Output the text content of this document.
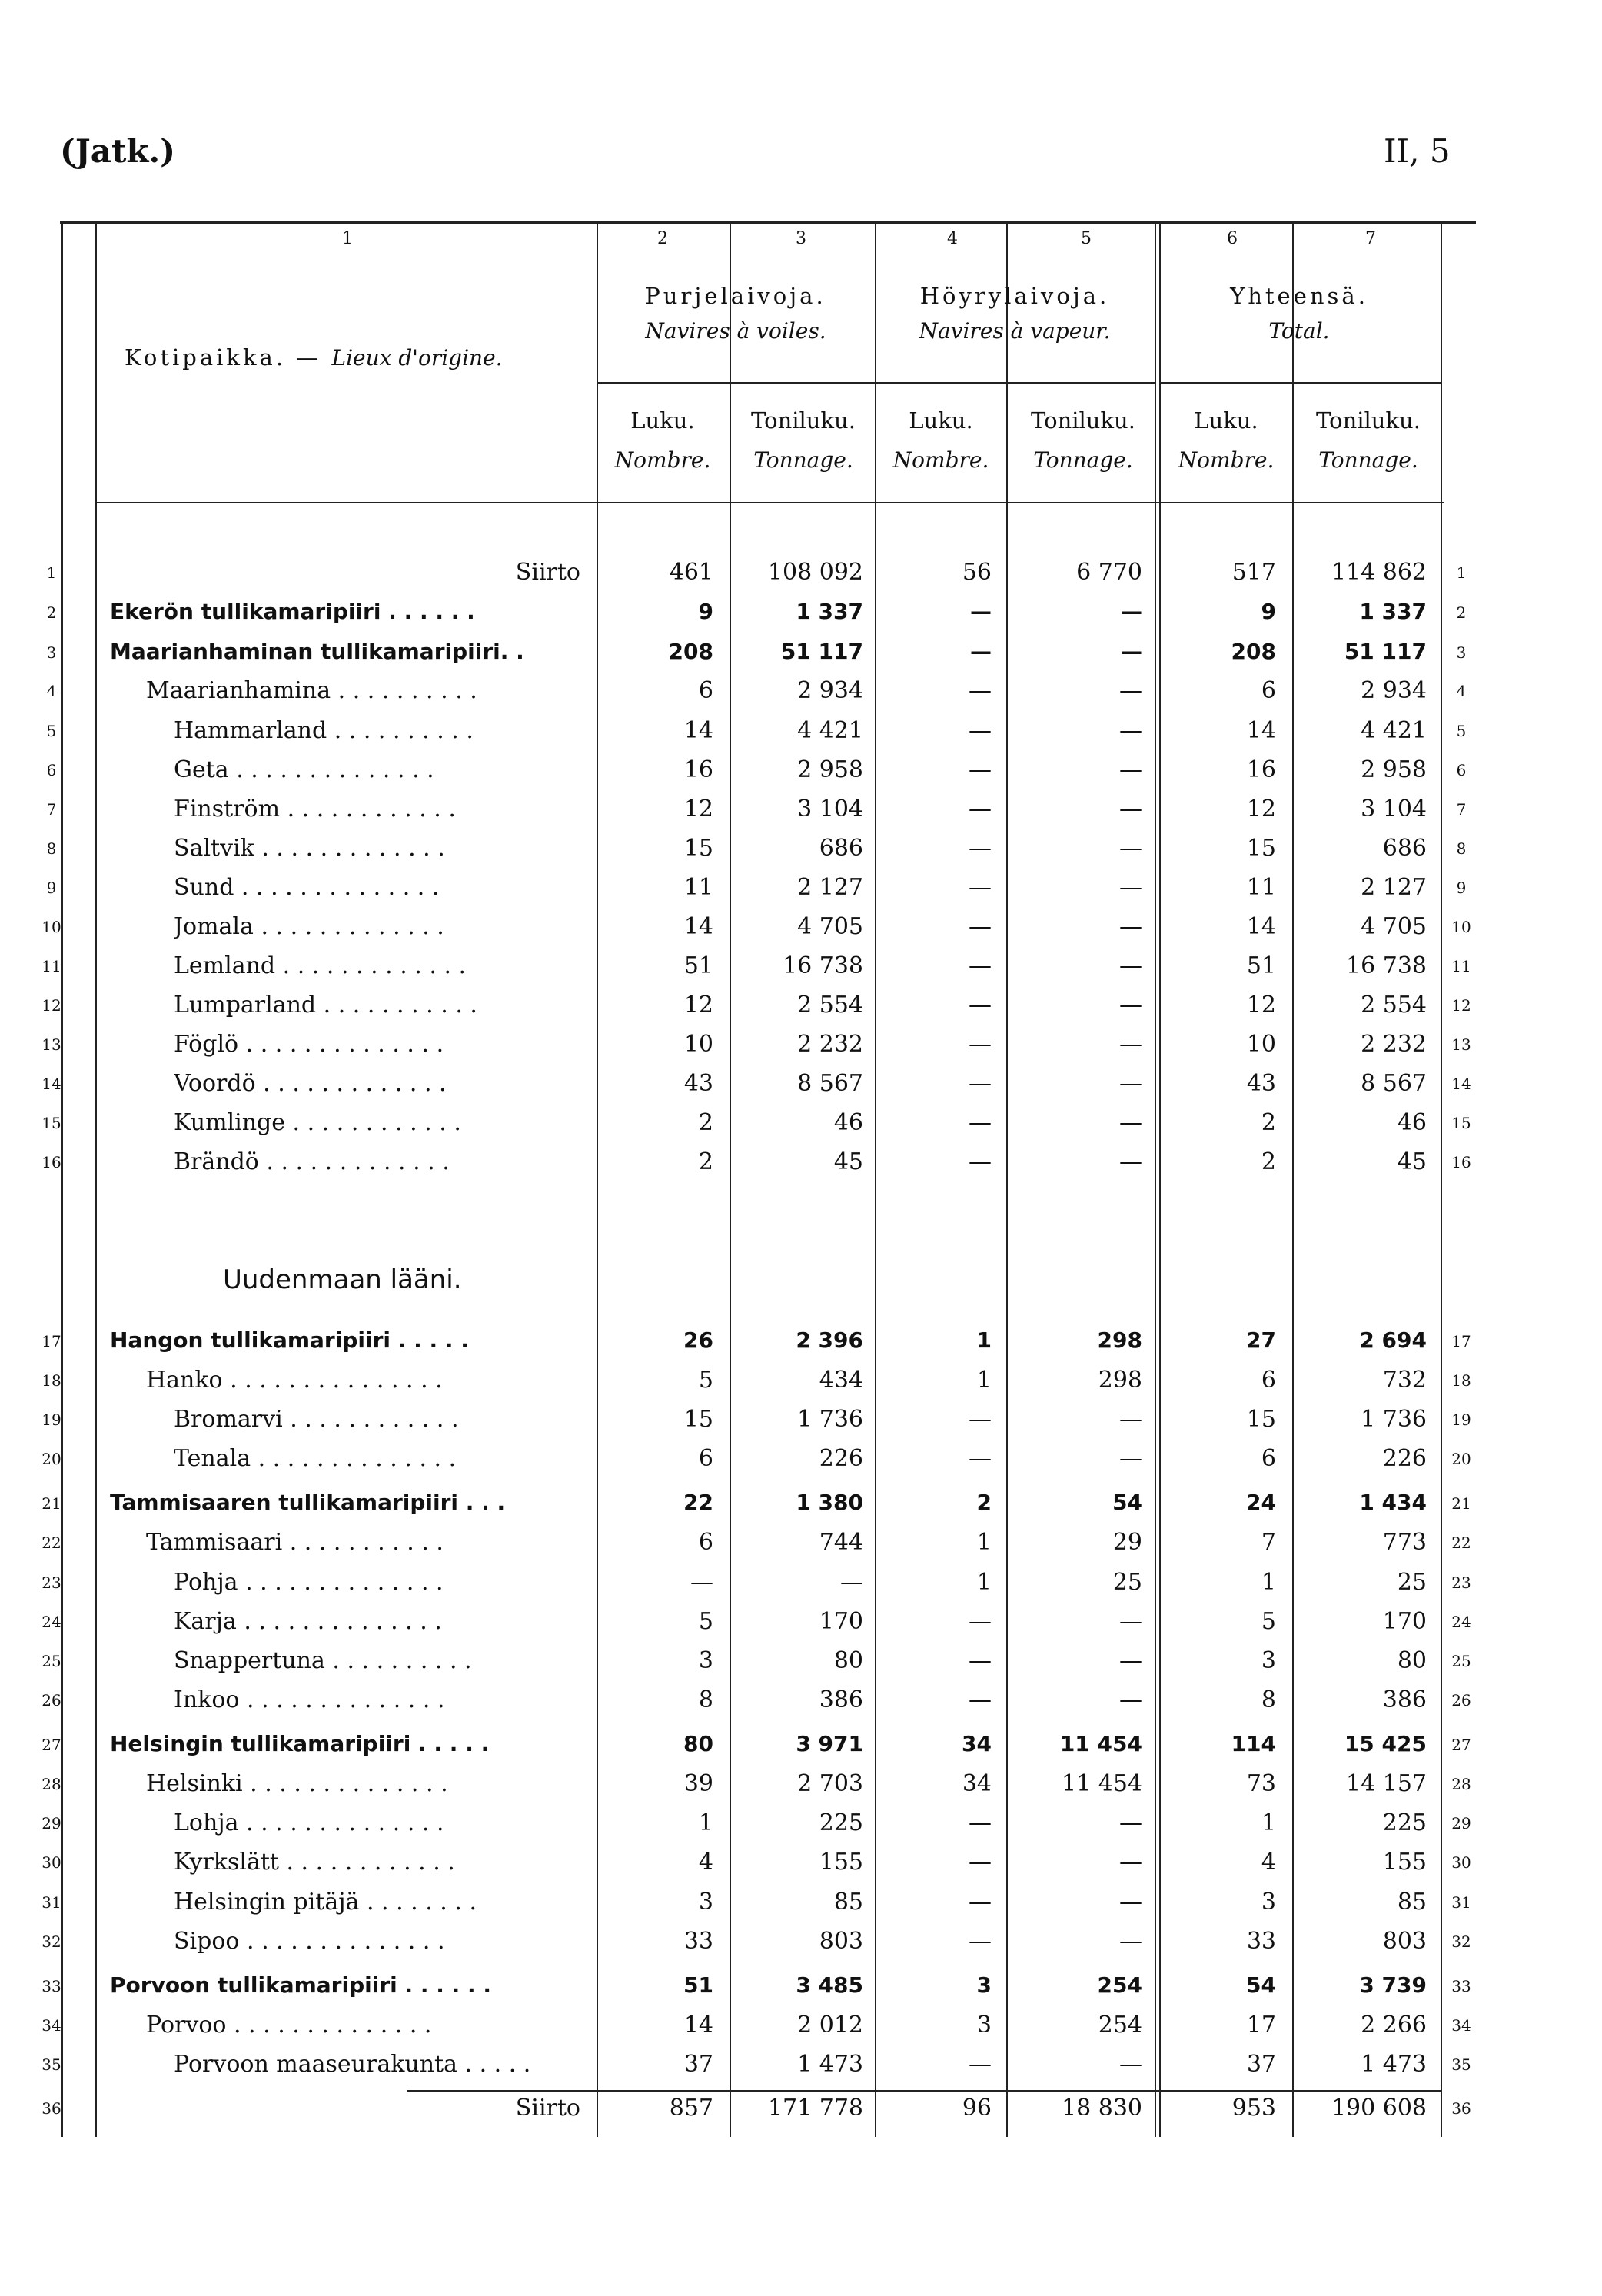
(Jatk.)	II, 5
1	2	3	4	5	6	7
Kotipaikka. — Lieux d'origine.
Purjelaivoja.
Navires à voiles.
Höyrylaivoja.
Navires à vapeur.
Yhteensä.
Total.
Luku.
Nombre.
Toniluku.
Tonnage.
Luku.
Nombre.
Toniluku.
Tonnage.
Luku.
Nombre.
Toniluku.
Tonnage.
Uudenmaan lääni.
1	1
Siirto	461	108 092	56	6 770	517	114 862
2	2
Ekerön tullikamaripiiri . . . . . .	9	1 337	—	—	9	1 337
3	3
Maarianhaminan tullikamaripiiri. .	208	51 117	—	—	208	51 117
4	4
Maarianhamina . . . . . . . . . .	6	2 934	—	—	6	2 934
5	5
Hammarland . . . . . . . . . .	14	4 421	—	—	14	4 421
6	6
Geta . . . . . . . . . . . . . .	16	2 958	—	—	16	2 958
7	7
Finström . . . . . . . . . . . .	12	3 104	—	—	12	3 104
8	8
Saltvik . . . . . . . . . . . . .	15	686	—	—	15	686
9	9
Sund . . . . . . . . . . . . . .	11	2 127	—	—	11	2 127
10	10
Jomala . . . . . . . . . . . . .	14	4 705	—	—	14	4 705
11	11
Lemland . . . . . . . . . . . . .	51	16 738	—	—	51	16 738
12	12
Lumparland . . . . . . . . . . .	12	2 554	—	—	12	2 554
13	13
Föglö . . . . . . . . . . . . . .	10	2 232	—	—	10	2 232
14	14
Voordö . . . . . . . . . . . . .	43	8 567	—	—	43	8 567
15	15
Kumlinge . . . . . . . . . . . .	2	46	—	—	2	46
16	16
Brändö . . . . . . . . . . . . .	2	45	—	—	2	45
17	17
Hangon tullikamaripiiri . . . . .	26	2 396	1	298	27	2 694
18	18
Hanko . . . . . . . . . . . . . . .	5	434	1	298	6	732
19	19
Bromarvi . . . . . . . . . . . .	15	1 736	—	—	15	1 736
20	20
Tenala . . . . . . . . . . . . . .	6	226	—	—	6	226
21	21
Tammisaaren tullikamaripiiri . . .	22	1 380	2	54	24	1 434
22	22
Tammisaari . . . . . . . . . . .	6	744	1	29	7	773
23	23
Pohja . . . . . . . . . . . . . .	—	—	1	25	1	25
24	24
Karja . . . . . . . . . . . . . .	5	170	—	—	5	170
25	25
Snappertuna . . . . . . . . . .	3	80	—	—	3	80
26	26
Inkoo . . . . . . . . . . . . . .	8	386	—	—	8	386
27	27
Helsingin tullikamaripiiri . . . . .	80	3 971	34	11 454	114	15 425
28	28
Helsinki . . . . . . . . . . . . . .	39	2 703	34	11 454	73	14 157
29	29
Lohja . . . . . . . . . . . . . .	1	225	—	—	1	225
30	30
Kyrkslätt . . . . . . . . . . . .	4	155	—	—	4	155
31	31
Helsingin pitäjä . . . . . . . .	3	85	—	—	3	85
32	32
Sipoo . . . . . . . . . . . . . .	33	803	—	—	33	803
33	33
Porvoon tullikamaripiiri . . . . . .	51	3 485	3	254	54	3 739
34	34
Porvoo . . . . . . . . . . . . . .	14	2 012	3	254	17	2 266
35	35
Porvoon maaseurakunta . . . . .	37	1 473	—	—	37	1 473
36	36
Siirto	857	171 778	96	18 830	953	190 608
